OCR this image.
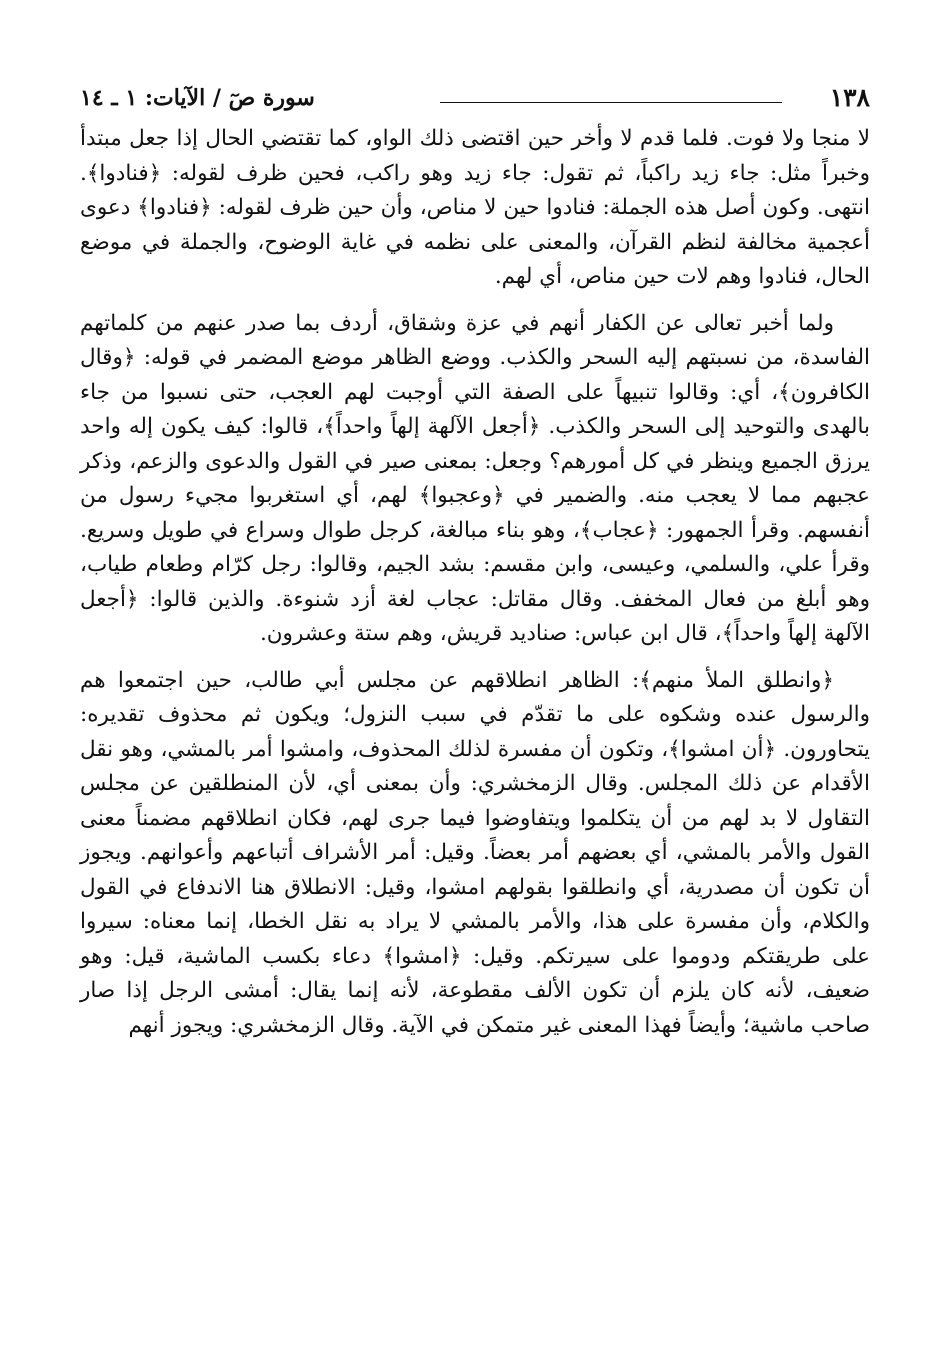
١٣٨
سورة صٓ / الآيات: ١ ـ ١٤

لا منجا ولا فوت. فلما قدم لا وأخر حين اقتضى ذلك الواو، كما تقتضي الحال إذا جعل مبتدأ وخبراً مثل: جاء زيد راكباً، ثم تقول: جاء زيد وهو راكب، فحين ظرف لقوله: ﴿فنادوا﴾. انتهى. وكون أصل هذه الجملة: فنادوا حين لا مناص، وأن حين ظرف لقوله: ﴿فنادوا﴾ دعوى أعجمية مخالفة لنظم القرآن، والمعنى على نظمه في غاية الوضوح، والجملة في موضع الحال، فنادوا وهم لات حين مناص، أي لهم.

ولما أخبر تعالى عن الكفار أنهم في عزة وشقاق، أردف بما صدر عنهم من كلماتهم الفاسدة، من نسبتهم إليه السحر والكذب. ووضع الظاهر موضع المضمر في قوله: ﴿وقال الكافرون﴾، أي: وقالوا تنبيهاً على الصفة التي أوجبت لهم العجب، حتى نسبوا من جاء بالهدى والتوحيد إلى السحر والكذب. ﴿أجعل الآلهة إلهاً واحداً﴾، قالوا: كيف يكون إله واحد يرزق الجميع وينظر في كل أمورهم؟ وجعل: بمعنى صير في القول والدعوى والزعم، وذكر عجبهم مما لا يعجب منه. والضمير في ﴿وعجبوا﴾ لهم، أي استغربوا مجيء رسول من أنفسهم. وقرأ الجمهور: ﴿عجاب﴾، وهو بناء مبالغة، كرجل طوال وسراع في طويل وسريع. وقرأ علي، والسلمي، وعيسى، وابن مقسم: بشد الجيم، وقالوا: رجل كرّام وطعام طياب، وهو أبلغ من فعال المخفف. وقال مقاتل: عجاب لغة أزد شنوءة. والذين قالوا: ﴿أجعل الآلهة إلهاً واحداً﴾، قال ابن عباس: صناديد قريش، وهم ستة وعشرون.

﴿وانطلق الملأ منهم﴾: الظاهر انطلاقهم عن مجلس أبي طالب، حين اجتمعوا هم والرسول عنده وشكوه على ما تقدّم في سبب النزول؛ ويكون ثم محذوف تقديره: يتحاورون. ﴿أن امشوا﴾، وتكون أن مفسرة لذلك المحذوف، وامشوا أمر بالمشي، وهو نقل الأقدام عن ذلك المجلس. وقال الزمخشري: وأن بمعنى أي، لأن المنطلقين عن مجلس التقاول لا بد لهم من أن يتكلموا ويتفاوضوا فيما جرى لهم، فكان انطلاقهم مضمناً معنى القول والأمر بالمشي، أي بعضهم أمر بعضاً. وقيل: أمر الأشراف أتباعهم وأعوانهم. ويجوز أن تكون أن مصدرية، أي وانطلقوا بقولهم امشوا، وقيل: الانطلاق هنا الاندفاع في القول والكلام، وأن مفسرة على هذا، والأمر بالمشي لا يراد به نقل الخطا، إنما معناه: سيروا على طريقتكم ودوموا على سيرتكم. وقيل: ﴿امشوا﴾ دعاء بكسب الماشية، قيل: وهو ضعيف، لأنه كان يلزم أن تكون الألف مقطوعة، لأنه إنما يقال: أمشى الرجل إذا صار صاحب ماشية؛ وأيضاً فهذا المعنى غير متمكن في الآية. وقال الزمخشري: ويجوز أنهم
